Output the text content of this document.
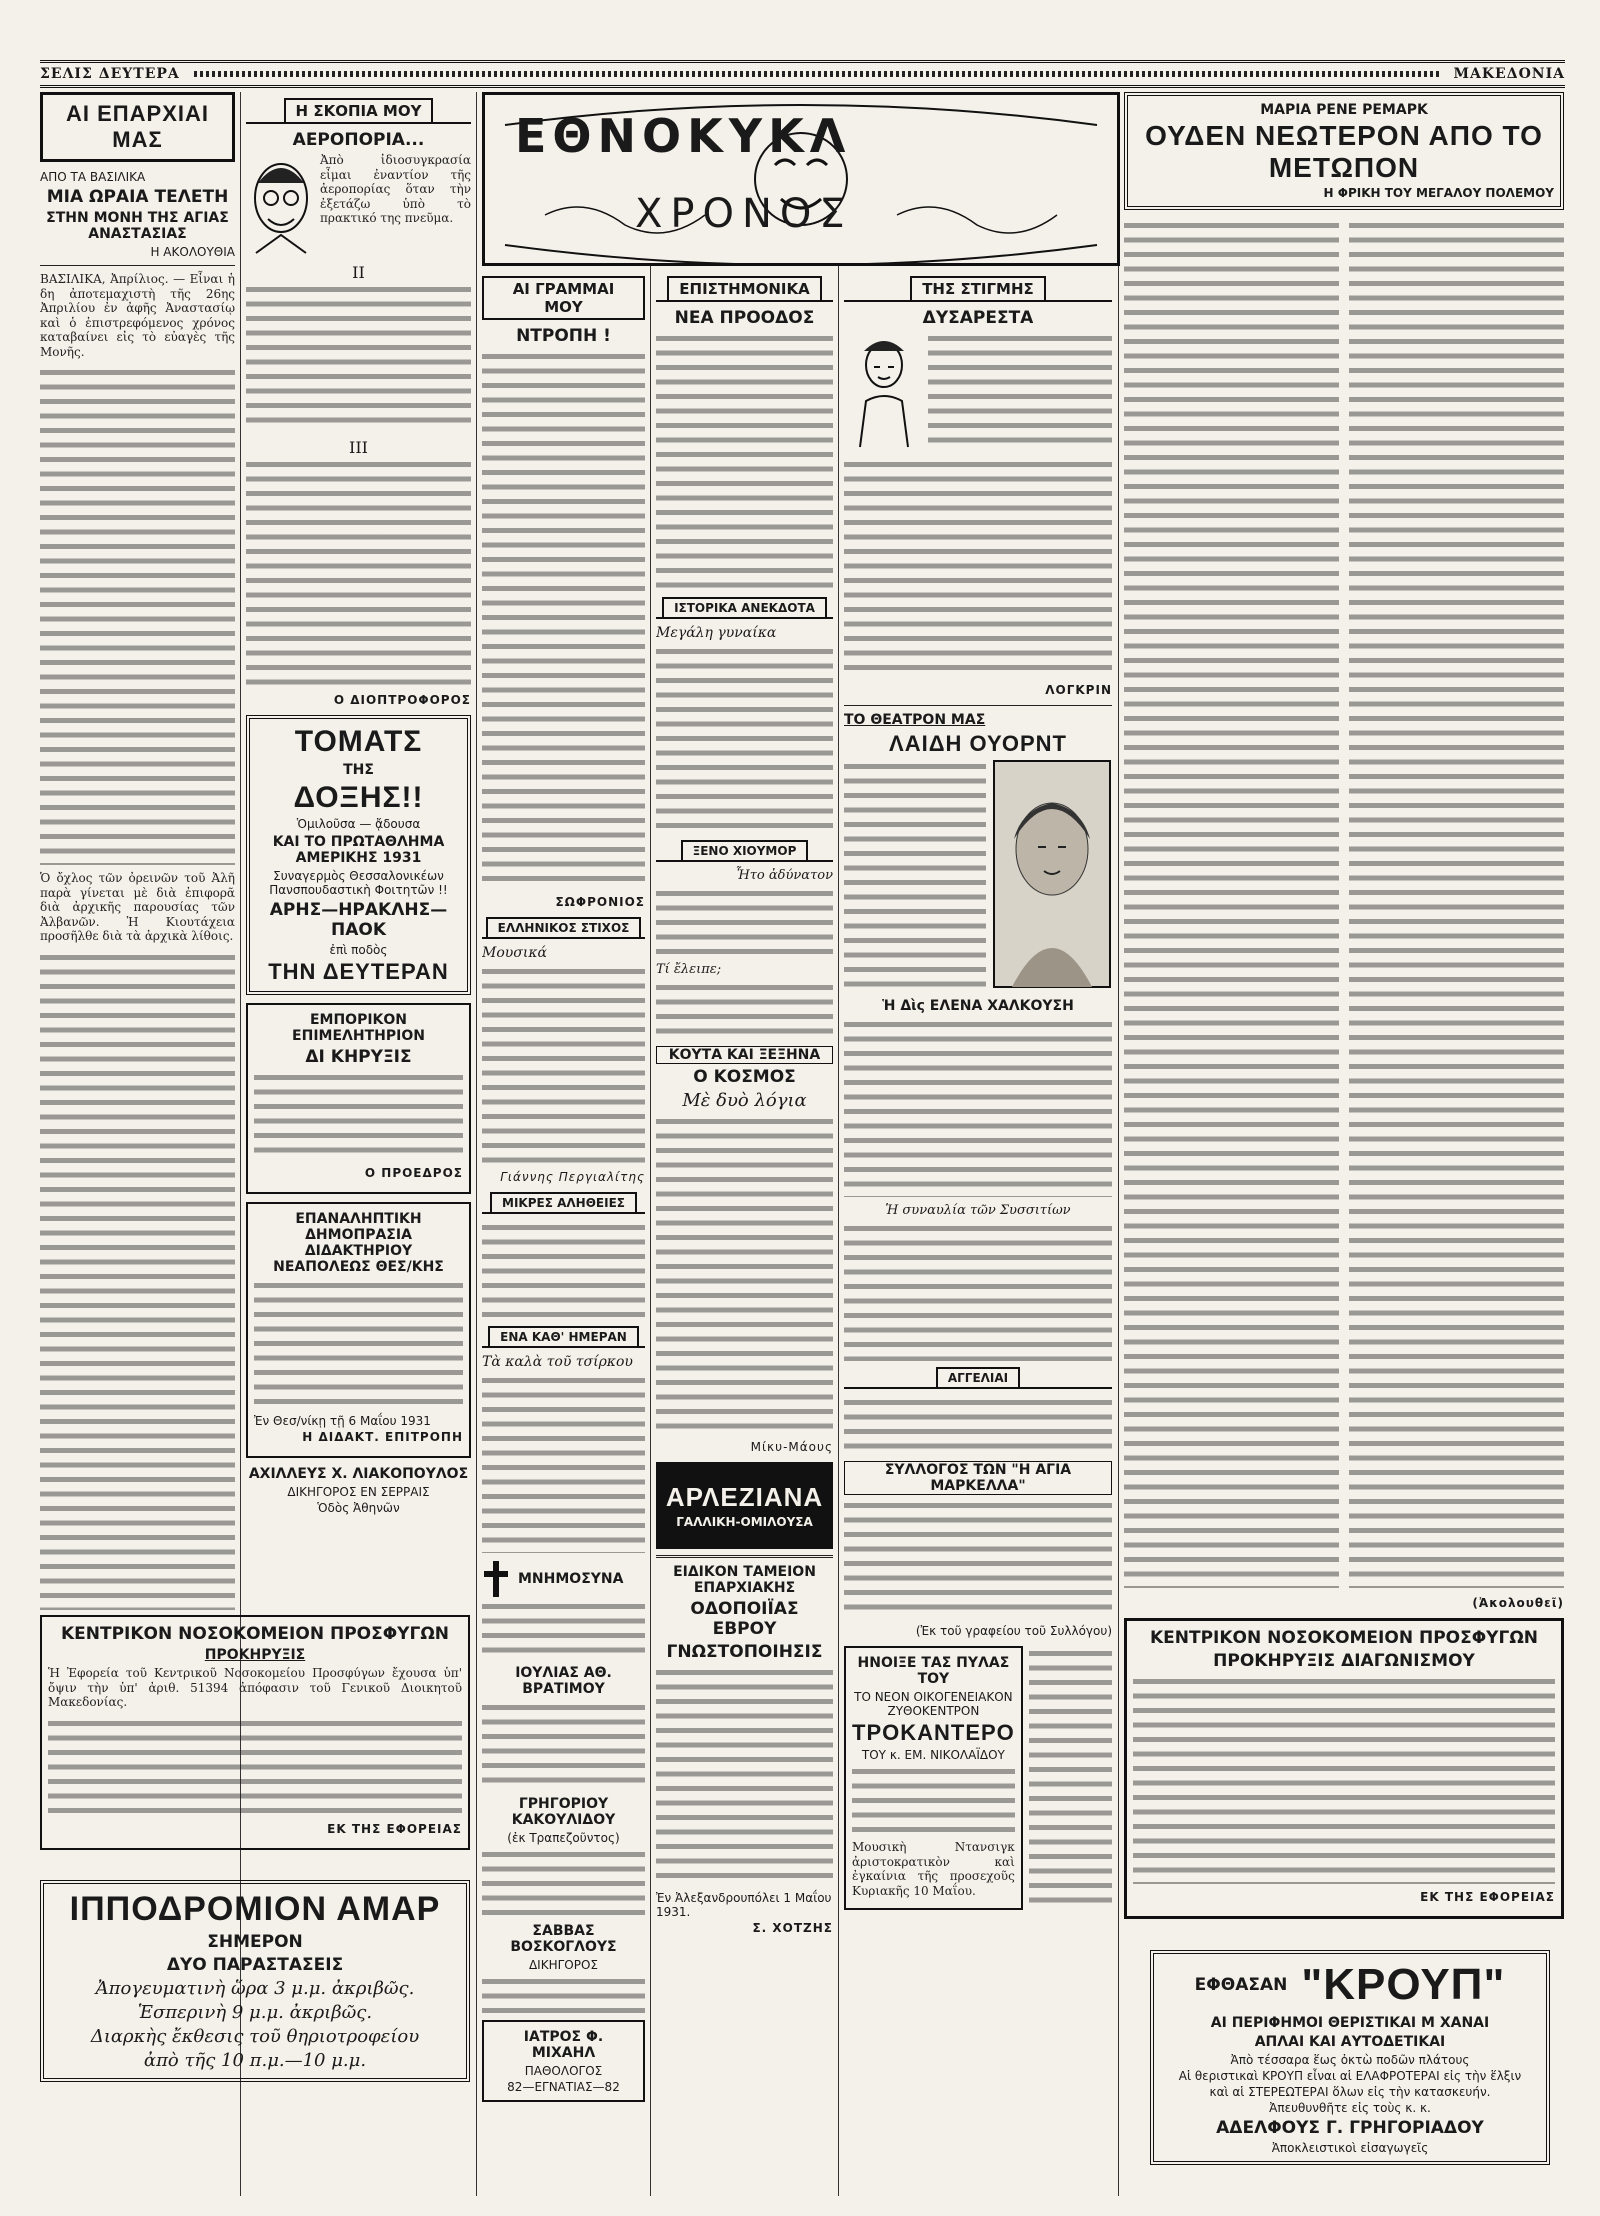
ΣΕΛΙΣ ΔΕΥΤΕΡΑ	ΜΑΚΕΔΟΝΙΑ
ΑΙ ΕΠΑΡΧΙΑΙ ΜΑΣ
ΑΠΟ ΤΑ ΒΑΣΙΛΙΚΑ
ΜΙΑ ΩΡΑΙΑ ΤΕΛΕΤΗ
ΣΤΗΝ ΜΟΝΗ ΤΗΣ ΑΓΙΑΣ ΑΝΑΣΤΑΣΙΑΣ
Η ΑΚΟΛΟΥΘΙΑ

ΒΑΣΙΛΙΚΑ, Ἀπρίλιος. — Εἶναι ἡ δη ἀποτεμαχιστὴ τῆς 26ης Ἀπριλίου ἐν ἀφῆς Ἀναστασίῳ καὶ ὁ ἐπιστρεφόμενος χρόνος καταβαίνει εἰς τὸ εὐαγὲς τῆς Μονῆς.

Ὁ ὄχλος τῶν ὀρεινῶν τοῦ Ἀλῆ παρὰ γίνεται μὲ διὰ ἐπιφορᾶ διὰ ἀρχικῆς παρουσίας τῶν Ἀλβανῶν. Ἡ Κιουτάχεια προσῆλθε διὰ τὰ ἀρχικὰ λίθοις.

Η ΣΚΟΠΙΑ ΜΟΥ
ΑΕΡΟΠΟΡΙΑ...

Ἀπὸ ἰδιοσυγκρασία εἶμαι ἐναντίον τῆς ἀεροπορίας ὅταν τὴν ἐξετάζω ὑπὸ τὸ πρακτικό της πνεῦμα.

II
III
Ο ΔΙΟΠΤΡΟΦΟΡΟΣ
ΤΟΜΑΤΣ
ΤΗΣ
ΔΟΞΗΣ!!
Ὁμιλοῦσα — ᾄδουσα
ΚΑΙ ΤΟ ΠΡΩΤΑΘΛΗΜΑ ΑΜΕΡΙΚΗΣ 1931
Συναγερμὸς Θεσσαλονικέων Πανσπουδαστικὴ Φοιτητῶν !!
ΑΡΗΣ—ΗΡΑΚΛΗΣ—ΠΑΟΚ
ἐπὶ ποδὸς
ΤΗΝ ΔΕΥΤΕΡΑΝ
ΕΜΠΟΡΙΚΟΝ ΕΠΙΜΕΛΗΤΗΡΙΟΝ
ΔΙ ΚΗΡΥΞΙΣ
Ο ΠΡΟΕΔΡΟΣ
ΕΠΑΝΑΛΗΠΤΙΚΗ ΔΗΜΟΠΡΑΣΙΑ ΔΙΔΑΚΤΗΡΙΟΥ ΝΕΑΠΟΛΕΩΣ ΘΕΣ/ΚΗΣ
Ἐν Θεσ/νίκῃ τῇ 6 Μαΐου 1931
Η ΔΙΔΑΚΤ. ΕΠΙΤΡΟΠΗ
ΑΧΙΛΛΕΥΣ Χ. ΛΙΑΚΟΠΟΥΛΟΣ
ΔΙΚΗΓΟΡΟΣ ΕΝ ΣΕΡΡΑΙΣ
Ὁδὸς Ἀθηνῶν
ΚΕΝΤΡΙΚΟΝ ΝΟΣΟΚΟΜΕΙΟΝ ΠΡΟΣΦΥΓΩΝ
ΠΡΟΚΗΡΥΞΙΣ

Ἡ Ἐφορεία τοῦ Κεντρικοῦ Νοσοκομείου Προσφύγων ἔχουσα ὑπ' ὄψιν τὴν ὑπ' ἀριθ. 51394 ἀπόφασιν τοῦ Γενικοῦ Διοικητοῦ Μακεδονίας.

ΕΚ ΤΗΣ ΕΦΟΡΕΙΑΣ
ΙΠΠΟΔΡΟΜΙΟΝ ΑΜΑΡ
ΣΗΜΕΡΟΝ
ΔΥΟ ΠΑΡΑΣΤΑΣΕΙΣ
Ἀπογευματινὴ ὥρα 3 μ.μ. ἀκριβῶς.
Ἑσπερινὴ 9 μ.μ. ἀκριβῶς.
Διαρκὴς ἔκθεσις τοῦ θηριοτροφείου
ἀπὸ τῆς 10 π.μ.—10 μ.μ.
ΕΘΝΟΚΥΚΛ
ΧΡΟΝΟΣ
ΑΙ ΓΡΑΜΜΑΙ ΜΟΥ
ΝΤΡΟΠΗ !
ΣΩΦΡΟΝΙΟΣ
ΕΛΛΗΝΙΚΟΣ ΣΤΙΧΟΣ
Μουσικά
Γιάννης Περγιαλίτης
ΜΙΚΡΕΣ ΑΛΗΘΕΙΕΣ
ΕΝΑ ΚΑΘ' ΗΜΕΡΑΝ
Τὰ καλὰ τοῦ τσίρκου
ΜΝΗΜΟΣΥΝΑ
ΙΟΥΛΙΑΣ ΑΘ. ΒΡΑΤΙΜΟΥ
ΓΡΗΓΟΡΙΟΥ ΚΑΚΟΥΛΙΔΟΥ
(ἐκ Τραπεζοῦντος)
ΣΑΒΒΑΣ ΒΟΣΚΟΓΛΟΥΣ
ΔΙΚΗΓΟΡΟΣ
ΙΑΤΡΟΣ Φ. ΜΙΧΑΗΛ
ΠΑΘΟΛΟΓΟΣ
82—ΕΓΝΑΤΙΑΣ—82
ΕΠΙΣΤΗΜΟΝΙΚΑ
ΝΕΑ ΠΡΟΟΔΟΣ
ΙΣΤΟΡΙΚΑ ΑΝΕΚΔΟΤΑ
Μεγάλη γυναίκα
ΞΕΝΟ ΧΙΟΥΜΟΡ
Ἦτο ἀδύνατον
Τί ἔλειπε;
ΚΟΥΤΑ ΚΑΙ ΞΕΞΗΝΑ
Ο ΚΟΣΜΟΣ
Μὲ δυὸ λόγια
Μίκυ-Μάους
ΑΡΛΕΖΙΑΝΑ
ΓΑΛΛΙΚΗ-ΟΜΙΛΟΥΣΑ
ΕΙΔΙΚΟΝ ΤΑΜΕΙΟΝ ΕΠΑΡΧΙΑΚΗΣ
ΟΔΟΠΟΙΪΑΣ ΕΒΡΟΥ
ΓΝΩΣΤΟΠΟΙΗΣΙΣ
Ἐν Ἀλεξανδρουπόλει 1 Μαΐου 1931.
Σ. ΧΟΤΖΗΣ
ΤΗΣ ΣΤΙΓΜΗΣ
ΔΥΣΑΡΕΣΤΑ
ΛΟΓΚΡΙΝ
ΤΟ ΘΕΑΤΡΟΝ ΜΑΣ
ΛΑΙΔΗ ΟΥΟΡΝΤ
Ἡ Δὶς ΕΛΕΝΑ ΧΑΛΚΟΥΣΗ
Ἡ συναυλία τῶν Συσσιτίων
ΑΓΓΕΛΙΑΙ
ΣΥΛΛΟΓΟΣ ΤΩΝ "Η ΑΓΙΑ ΜΑΡΚΕΛΛΑ"
(Ἐκ τοῦ γραφείου τοῦ Συλλόγου)
ΗΝΟΙΞΕ ΤΑΣ ΠΥΛΑΣ ΤΟΥ
ΤΟ ΝΕΟΝ ΟΙΚΟΓΕΝΕΙΑΚΟΝ ΖΥΘΟΚΕΝΤΡΟΝ
ΤΡΟΚΑΝΤΕΡΟ
ΤΟΥ κ. ΕΜ. ΝΙΚΟΛΑΪΔΟΥ

Μουσικὴ Ντανσιγκ ἀριστοκρατικὸν καὶ ἐγκαίνια τῆς προσεχοῦς Κυριακῆς 10 Μαΐου.

ΜΑΡΙΑ ΡΕΝΕ ΡΕΜΑΡΚ
ΟΥΔΕΝ ΝΕΩΤΕΡΟΝ ΑΠΟ ΤΟ ΜΕΤΩΠΟΝ
Η ΦΡΙΚΗ ΤΟΥ ΜΕΓΑΛΟΥ ΠΟΛΕΜΟΥ
(Ἀκολουθεῖ)
ΚΕΝΤΡΙΚΟΝ ΝΟΣΟΚΟΜΕΙΟΝ ΠΡΟΣΦΥΓΩΝ
ΠΡΟΚΗΡΥΞΙΣ ΔΙΑΓΩΝΙΣΜΟΥ
ΕΚ ΤΗΣ ΕΦΟΡΕΙΑΣ
ΕΦΘΑΣΑΝ "ΚΡΟΥΠ"
ΑΙ ΠΕΡΙΦΗΜΟΙ ΘΕΡΙΣΤΙΚΑΙ Μ ΧΑΝΑΙ
ΑΠΛΑΙ ΚΑΙ ΑΥΤΟΔΕΤΙΚΑΙ
Ἀπὸ τέσσαρα ἕως ὀκτὼ ποδῶν πλάτους
Αἱ θεριστικαὶ ΚΡΟΥΠ εἶναι αἱ ΕΛΑΦΡΟΤΕΡΑΙ εἰς τὴν ἕλξιν
καὶ αἱ ΣΤΕΡΕΩΤΕΡΑΙ ὅλων εἰς τὴν κατασκευήν.
Ἀπευθυνθῆτε εἰς τοὺς κ. κ.
ΑΔΕΛΦΟΥΣ Γ. ΓΡΗΓΟΡΙΑΔΟΥ
Ἀποκλειστικοὶ εἰσαγωγεῖς
